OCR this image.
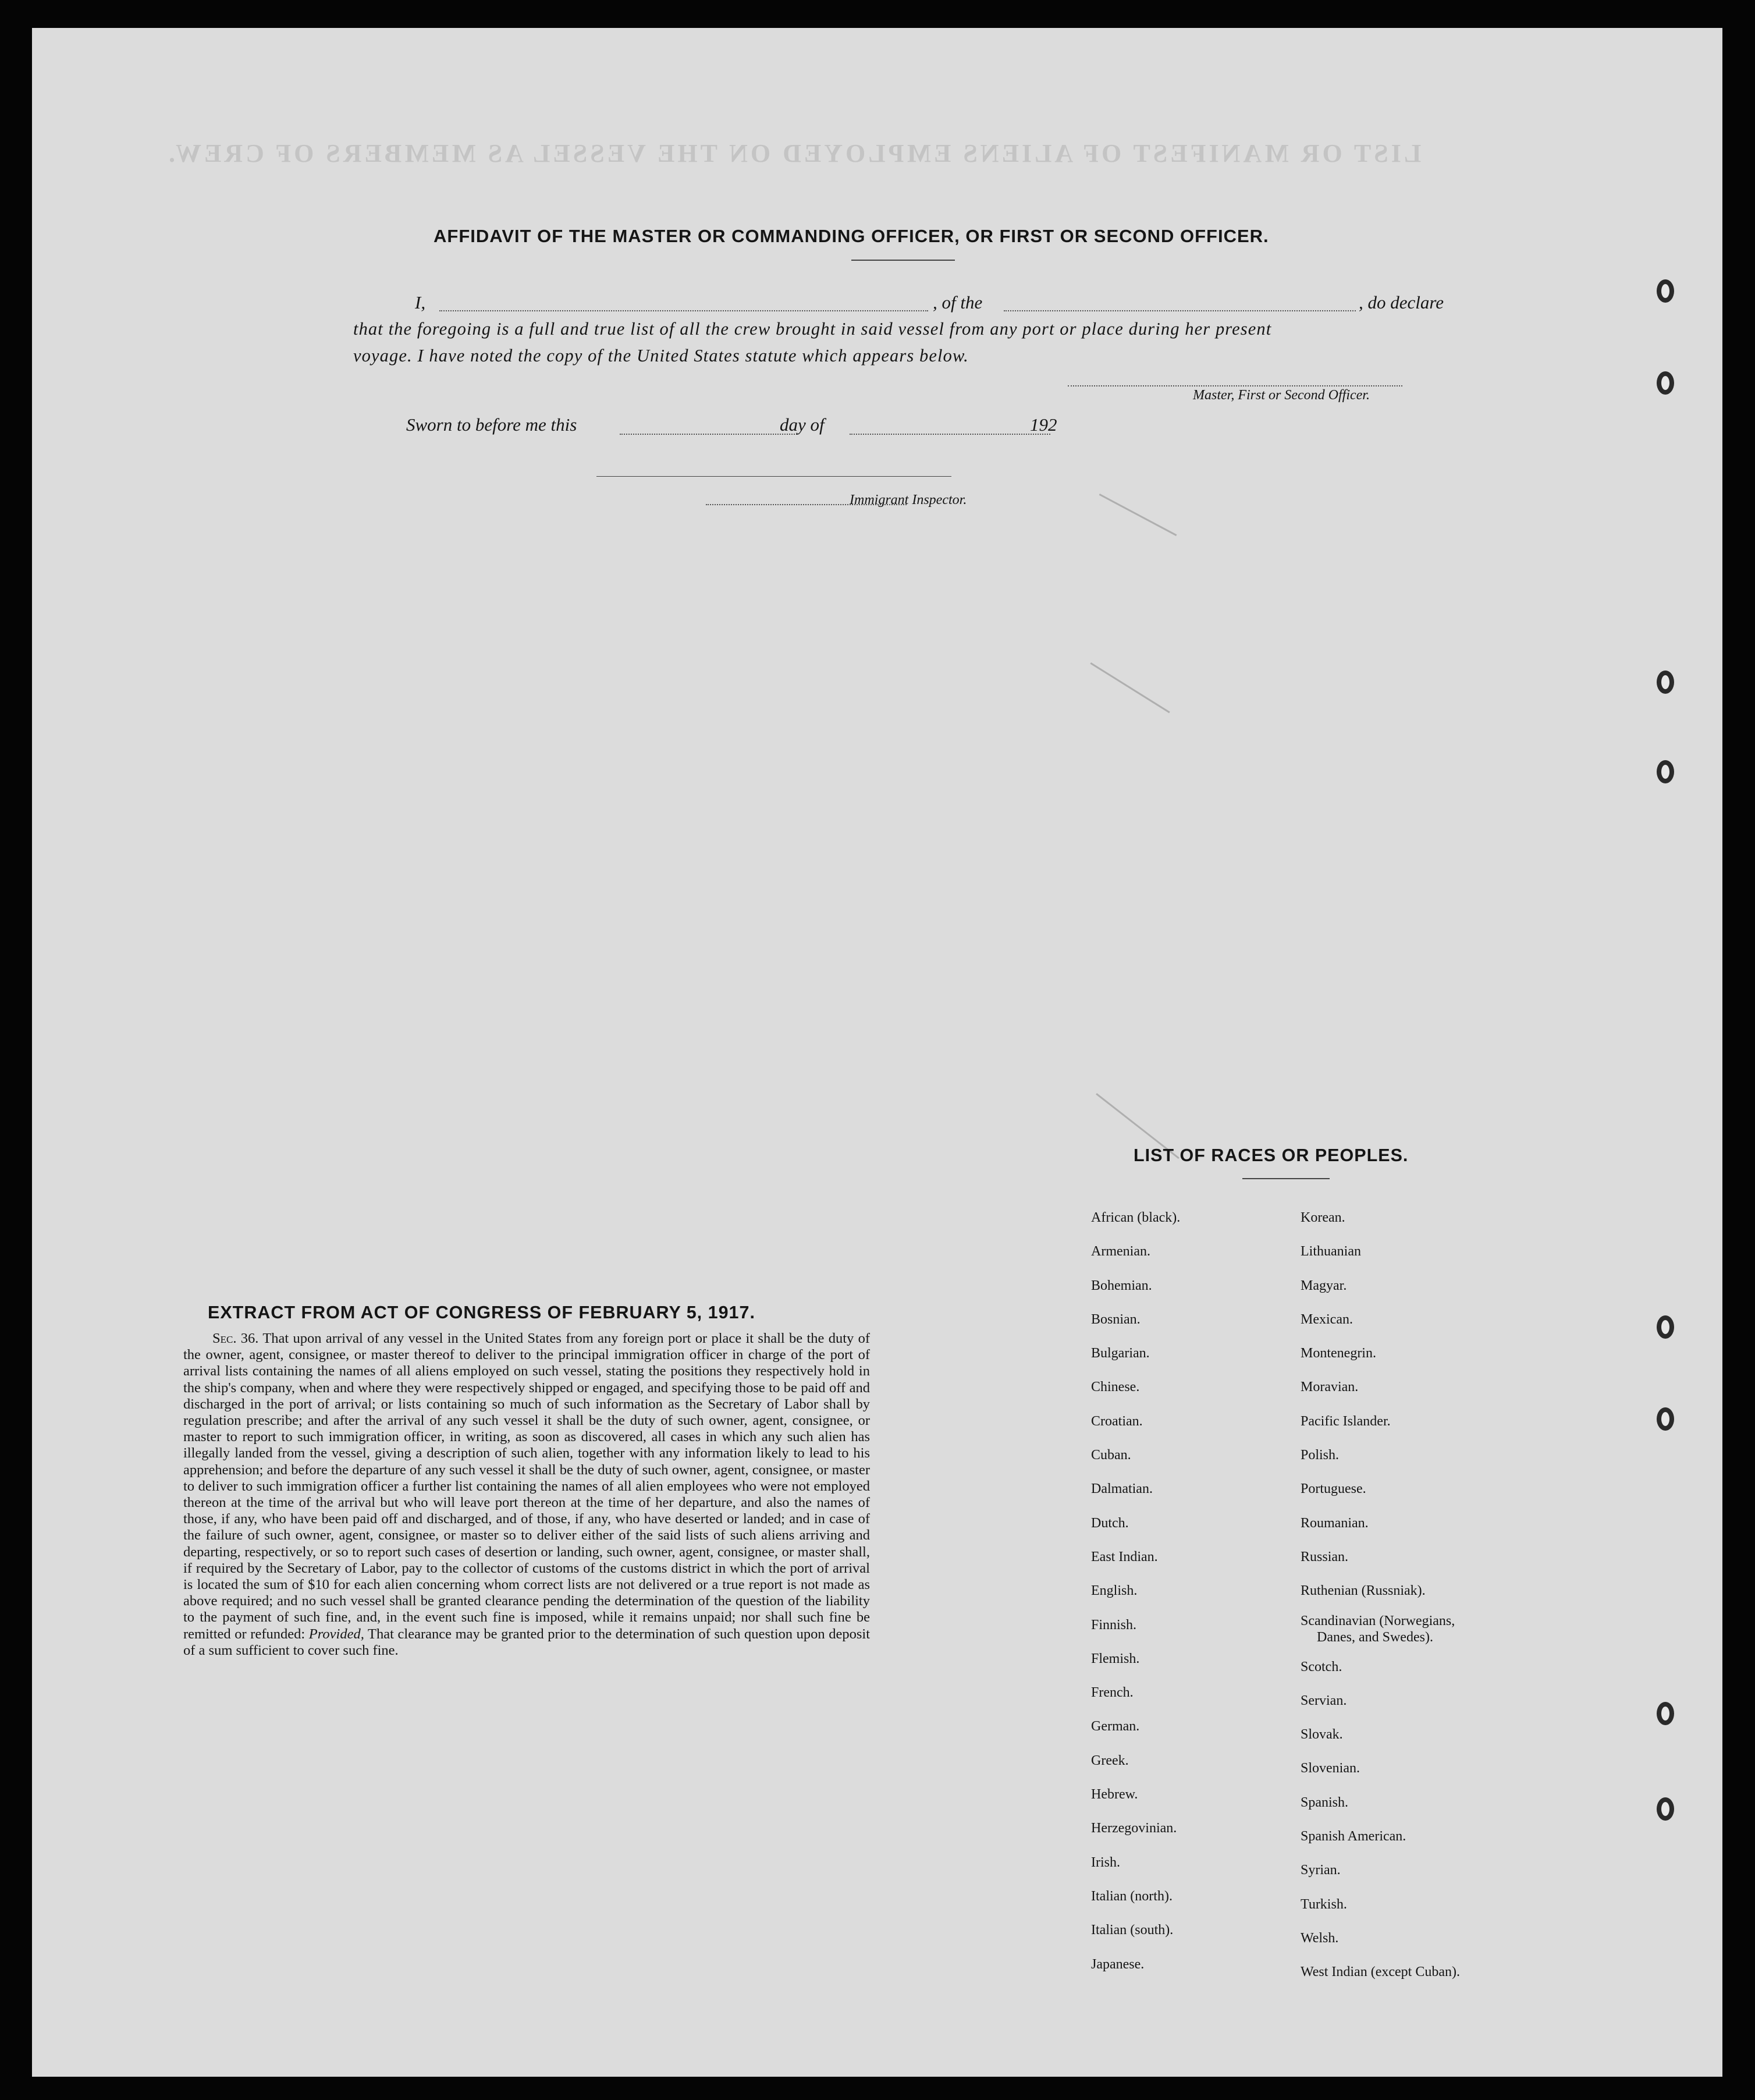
LIST OR MANIFEST OF ALIENS EMPLOYED ON THE VESSEL AS MEMBERS OF CREW.
AFFIDAVIT OF THE MASTER OR COMMANDING OFFICER, OR FIRST OR SECOND OFFICER.
I,	, of the	, do declare
that the foregoing is a full and true list of all the crew brought in said vessel from any port or place during her present
voyage. I have noted the copy of the United States statute which appears below.
Master, First or Second Officer.
Sworn to before me this	day of	192
Immigrant Inspector.
EXTRACT FROM ACT OF CONGRESS OF FEBRUARY 5, 1917.
Sec. 36. That upon arrival of any vessel in the United States from any foreign port or place it shall be the duty of the owner, agent, consignee, or master thereof to deliver to the principal immigration officer in charge of the port of arrival lists containing the names of all aliens employed on such vessel, stating the positions they respectively hold in the ship's company, when and where they were respectively shipped or engaged, and specifying those to be paid off and discharged in the port of arrival; or lists containing so much of such information as the Secretary of Labor shall by regulation prescribe; and after the arrival of any such vessel it shall be the duty of such owner, agent, consignee, or master to report to such immigration officer, in writing, as soon as discovered, all cases in which any such alien has illegally landed from the vessel, giving a description of such alien, together with any information likely to lead to his apprehension; and before the departure of any such vessel it shall be the duty of such owner, agent, consignee, or master to deliver to such immigration officer a further list containing the names of all alien employees who were not employed thereon at the time of the arrival but who will leave port thereon at the time of her departure, and also the names of those, if any, who have been paid off and discharged, and of those, if any, who have deserted or landed; and in case of the failure of such owner, agent, consignee, or master so to deliver either of the said lists of such aliens arriving and departing, respectively, or so to report such cases of desertion or landing, such owner, agent, consignee, or master shall, if required by the Secretary of Labor, pay to the collector of customs of the customs district in which the port of arrival is located the sum of $10 for each alien concerning whom correct lists are not delivered or a true report is not made as above required; and no such vessel shall be granted clearance pending the determination of the question of the liability to the payment of such fine, and, in the event such fine is imposed, while it remains unpaid; nor shall such fine be remitted or refunded: Provided, That clearance may be granted prior to the determination of such question upon deposit of a sum sufficient to cover such fine.
LIST OF RACES OR PEOPLES.
African (black).
Armenian.
Bohemian.
Bosnian.
Bulgarian.
Chinese.
Croatian.
Cuban.
Dalmatian.
Dutch.
East Indian.
English.
Finnish.
Flemish.
French.
German.
Greek.
Hebrew.
Herzegovinian.
Irish.
Italian (north).
Italian (south).
Japanese.
Korean.
Lithuanian
Magyar.
Mexican.
Montenegrin.
Moravian.
Pacific Islander.
Polish.
Portuguese.
Roumanian.
Russian.
Ruthenian (Russniak).
Scandinavian (Norwegians,
Danes, and Swedes).
Scotch.
Servian.
Slovak.
Slovenian.
Spanish.
Spanish American.
Syrian.
Turkish.
Welsh.
West Indian (except Cuban).
